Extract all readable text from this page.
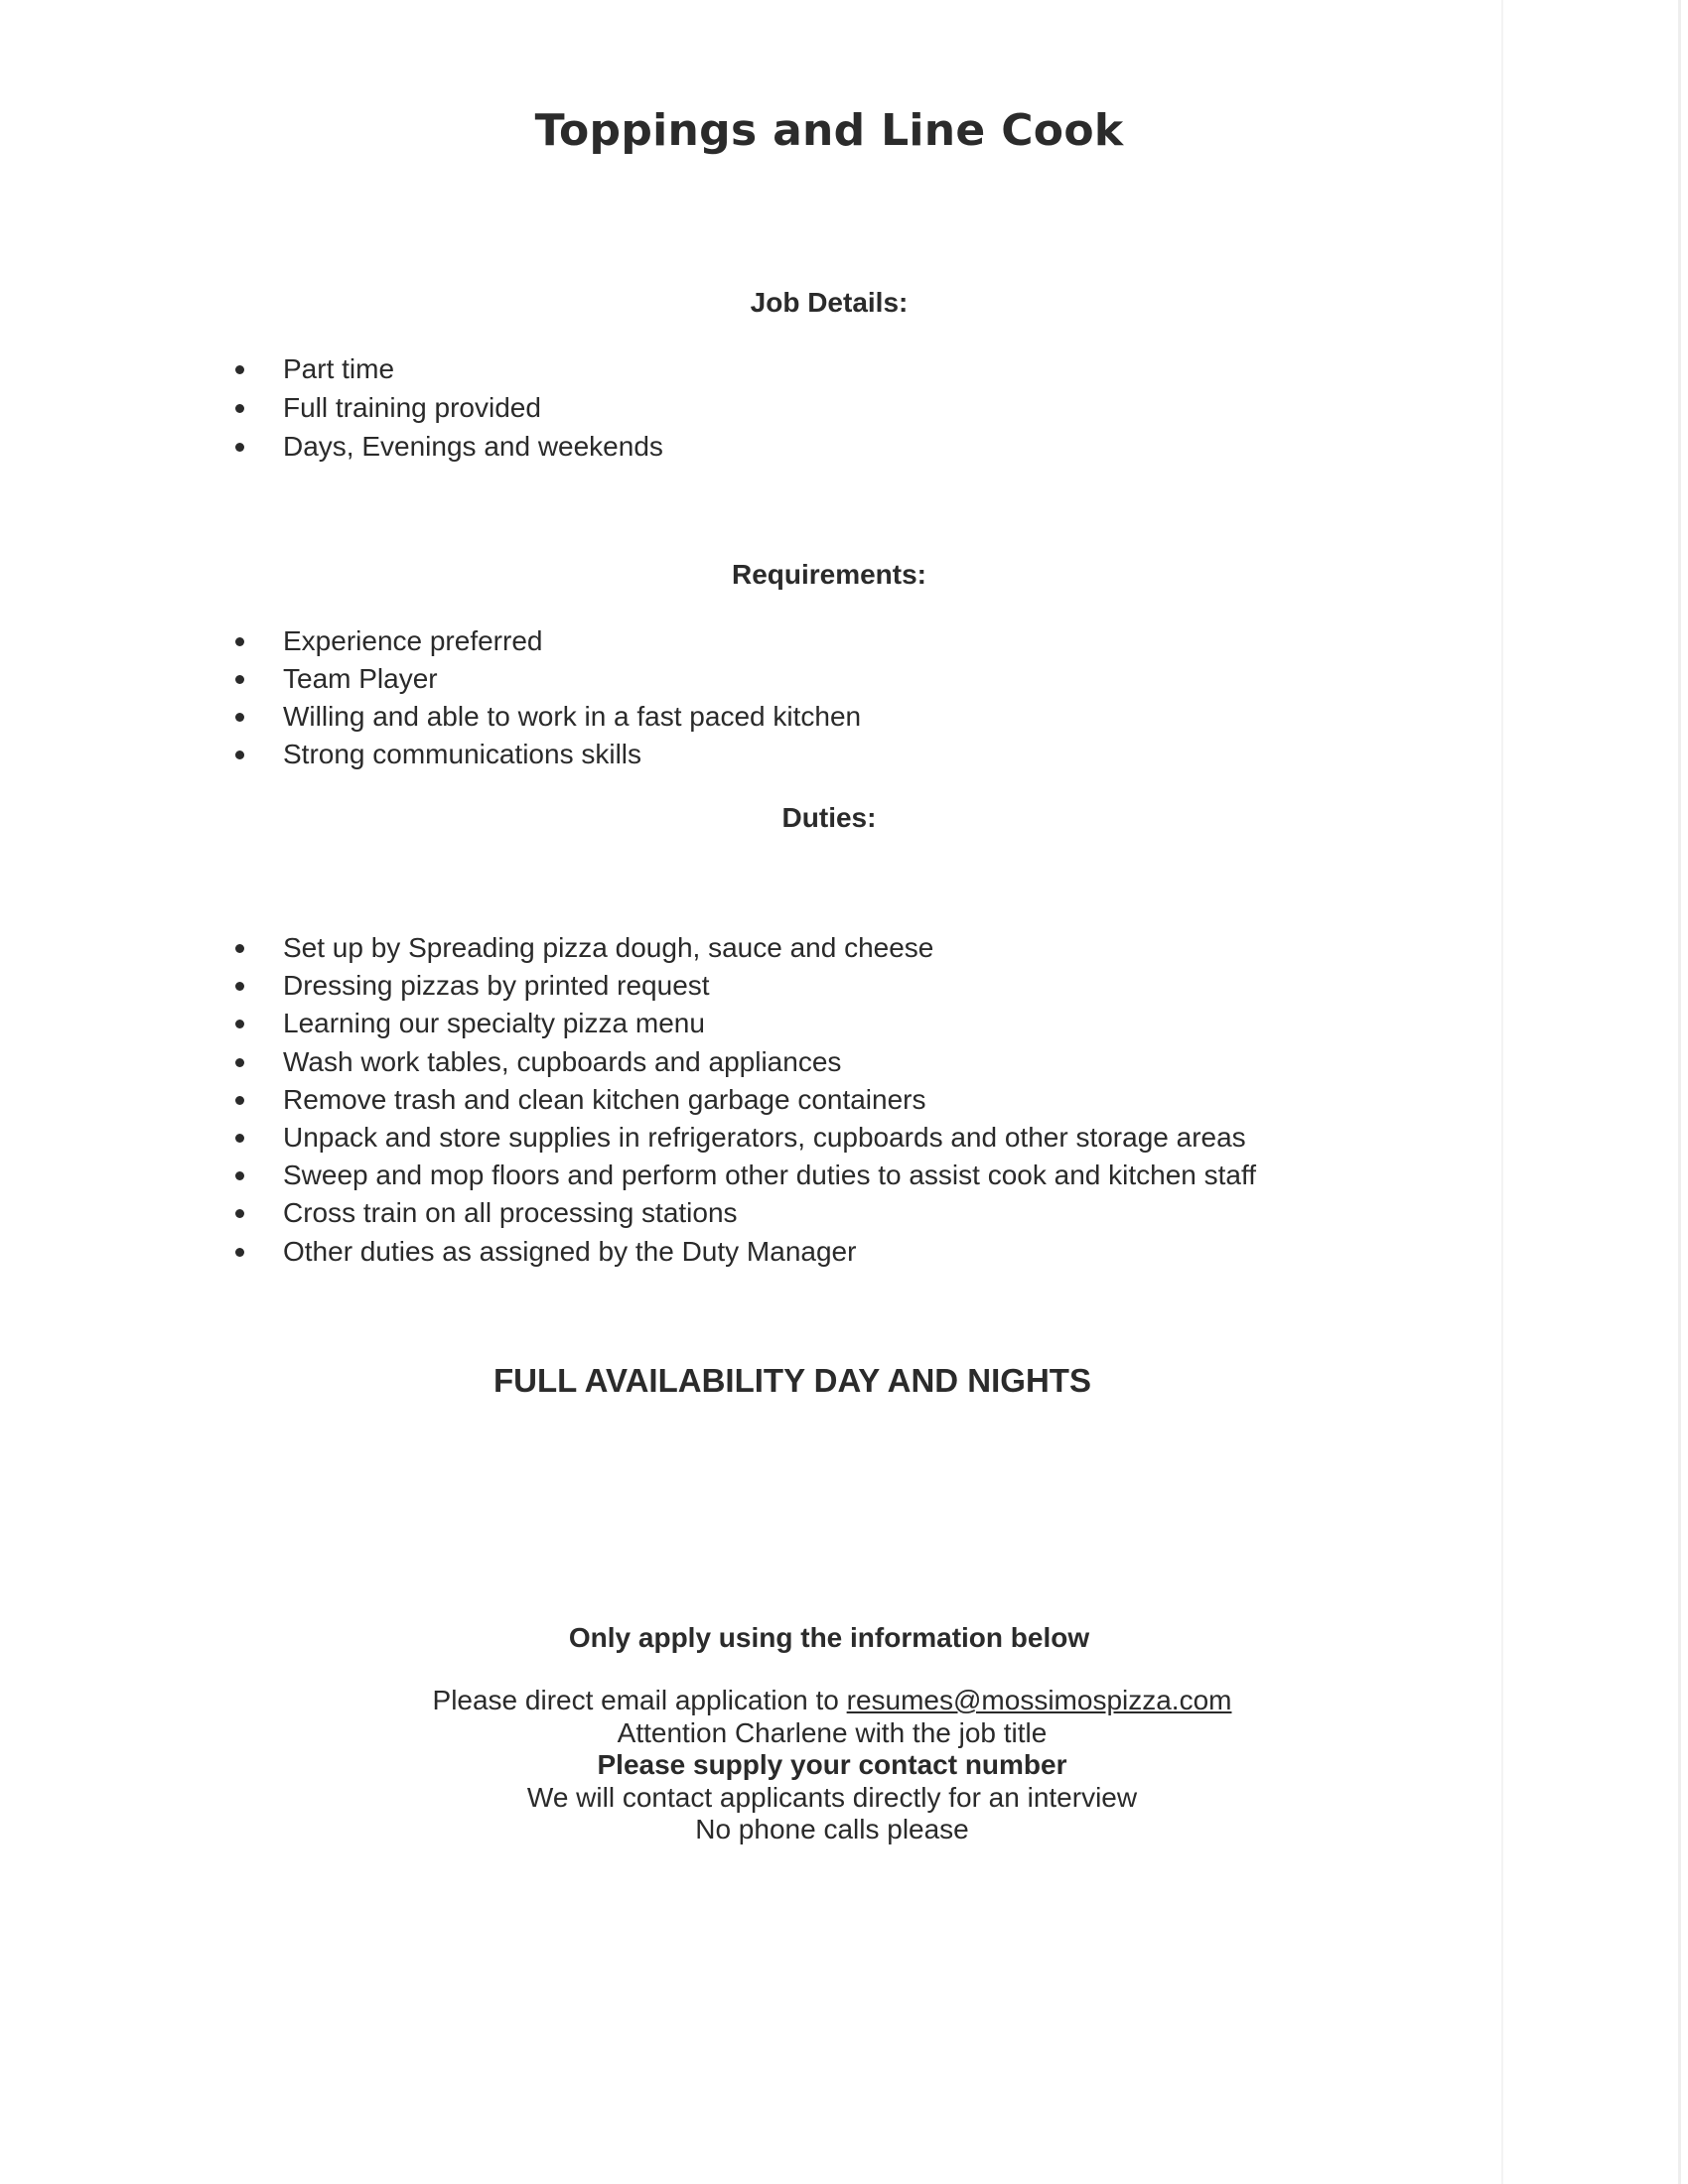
Toppings and Line Cook
Job Details:
Part time
Full training provided
Days, Evenings and weekends
Requirements:
Experience preferred
Team Player
Willing and able to work in a fast paced kitchen
Strong communications skills
Duties:
Set up by Spreading pizza dough, sauce and cheese
Dressing pizzas by printed request
Learning our specialty pizza menu
Wash work tables, cupboards and appliances
Remove trash and clean kitchen garbage containers
Unpack and store supplies in refrigerators, cupboards and other storage areas
Sweep and mop floors and perform other duties to assist cook and kitchen staff
Cross train on all processing stations
Other duties as assigned by the Duty Manager
FULL AVAILABILITY DAY AND NIGHTS
Only apply using the information below
Please direct email application to resumes@mossimospizza.com
Attention Charlene with the job title
Please supply your contact number
We will contact applicants directly for an interview
No phone calls please
